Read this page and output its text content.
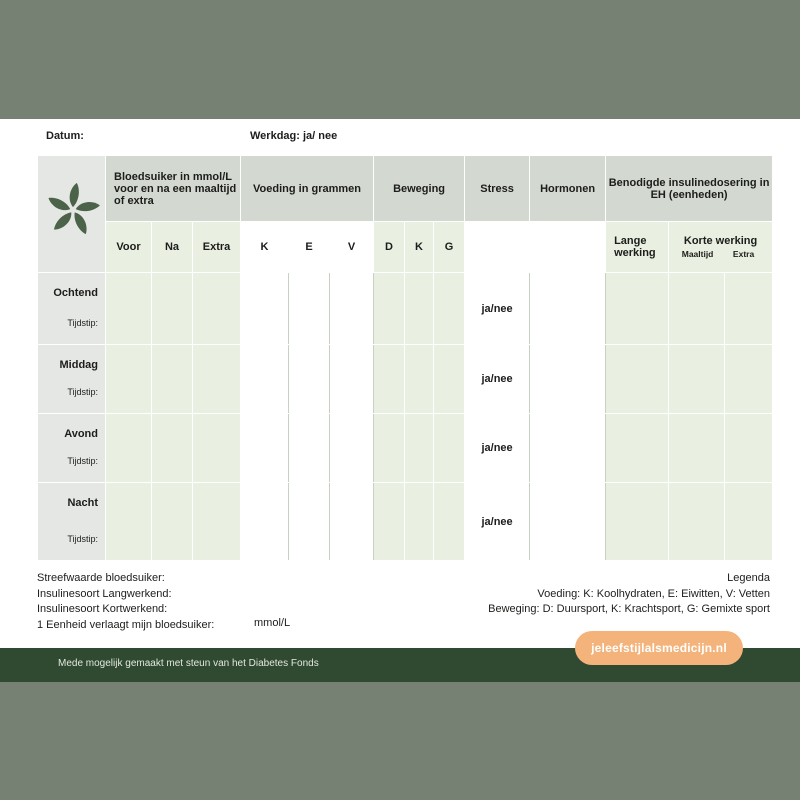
Datum:	Werkdag: ja/ nee
	Bloedsuiker in mmol/L voor en na een maaltijd of extra			Voeding in grammen			Beweging			Stress	Hormonen	Benodigde insulinedosering in EH (eenheden)		
	Voor	Na	Extra	K	E	V	D	K	G			Lange werking	Korte werking
Maaltijd Extra	

Ochtend
Tijdstip:										ja/nee				

Middag
Tijdstip:										ja/nee				

Avond
Tijdstip:										ja/nee				

Nacht
Tijdstip:										ja/nee				
Streefwaarde bloedsuiker:
Insulinesoort Langwerkend:
Insulinesoort Kortwerkend:
1 Eenheid verlaagt mijn bloedsuiker:	mmol/L
Legenda
Voeding: K: Koolhydraten, E: Eiwitten, V: Vetten
Beweging: D: Duursport, K: Krachtsport, G: Gemixte sport
Mede mogelijk gemaakt met steun van het Diabetes Fonds
jeleefstijlalsmedicijn.nl
